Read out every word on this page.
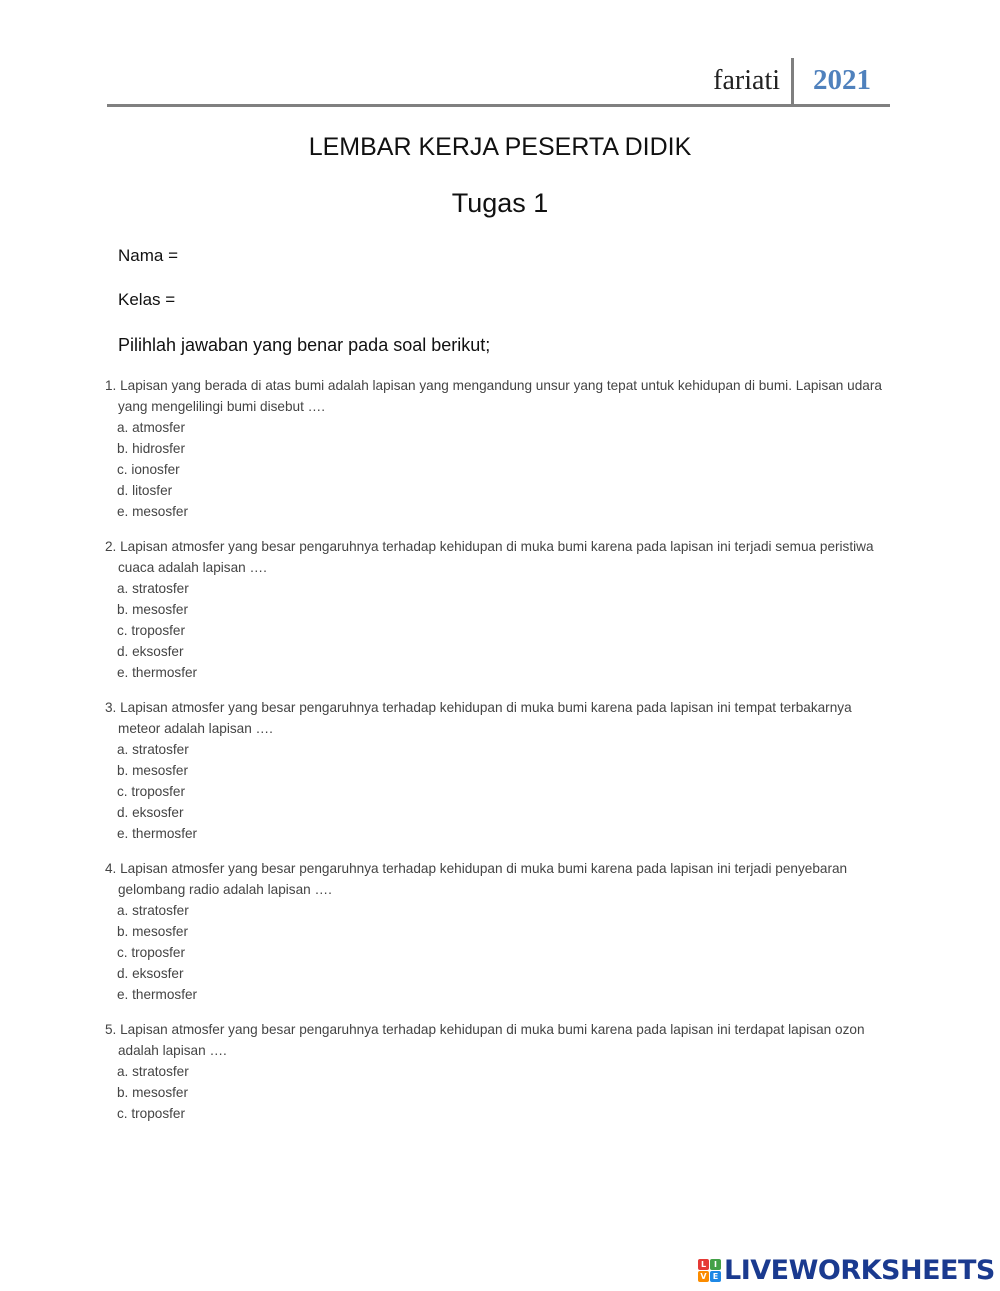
fariati 2021
LEMBAR KERJA PESERTA DIDIK
Tugas 1
Nama =
Kelas =
Pilihlah jawaban yang benar pada soal berikut;
1. Lapisan yang berada di atas bumi adalah lapisan yang mengandung unsur yang tepat untuk kehidupan di bumi. Lapisan udara yang mengelilingi bumi disebut ….
a. atmosfer
b. hidrosfer
c. ionosfer
d. litosfer
e. mesosfer
2. Lapisan atmosfer yang besar pengaruhnya terhadap kehidupan di muka bumi karena pada lapisan ini terjadi semua peristiwa cuaca adalah lapisan ….
a. stratosfer
b. mesosfer
c. troposfer
d. eksosfer
e. thermosfer
3. Lapisan atmosfer yang besar pengaruhnya terhadap kehidupan di muka bumi karena pada lapisan ini tempat terbakarnya meteor adalah lapisan ….
a. stratosfer
b. mesosfer
c. troposfer
d. eksosfer
e. thermosfer
4. Lapisan atmosfer yang besar pengaruhnya terhadap kehidupan di muka bumi karena pada lapisan ini terjadi penyebaran gelombang radio adalah lapisan ….
a. stratosfer
b. mesosfer
c. troposfer
d. eksosfer
e. thermosfer
5. Lapisan atmosfer yang besar pengaruhnya terhadap kehidupan di muka bumi karena pada lapisan ini terdapat lapisan ozon adalah lapisan ….
a. stratosfer
b. mesosfer
c. troposfer
L I
V E LIVEWORKSHEETS
